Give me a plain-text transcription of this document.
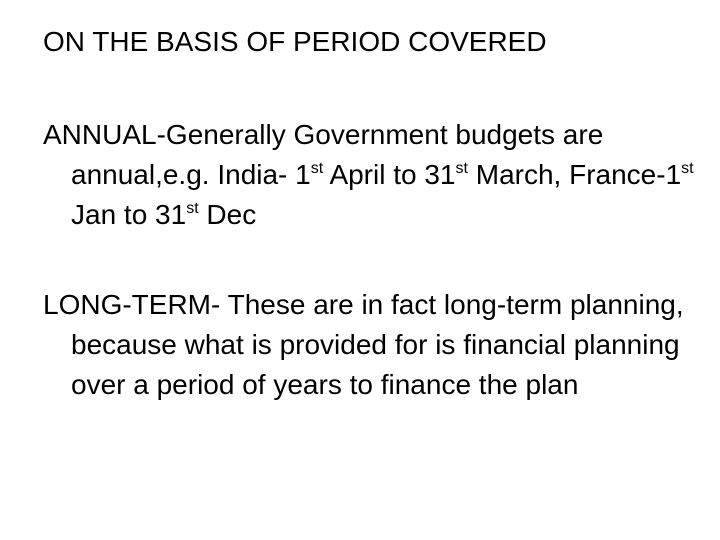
ON THE BASIS OF PERIOD COVERED
ANNUAL-Generally Government budgets are annual,e.g. India- 1st April to 31st March, France-1st Jan to 31st Dec
LONG-TERM- These are in fact long-term planning, because what is provided for is financial planning over a period of years to finance the plan
